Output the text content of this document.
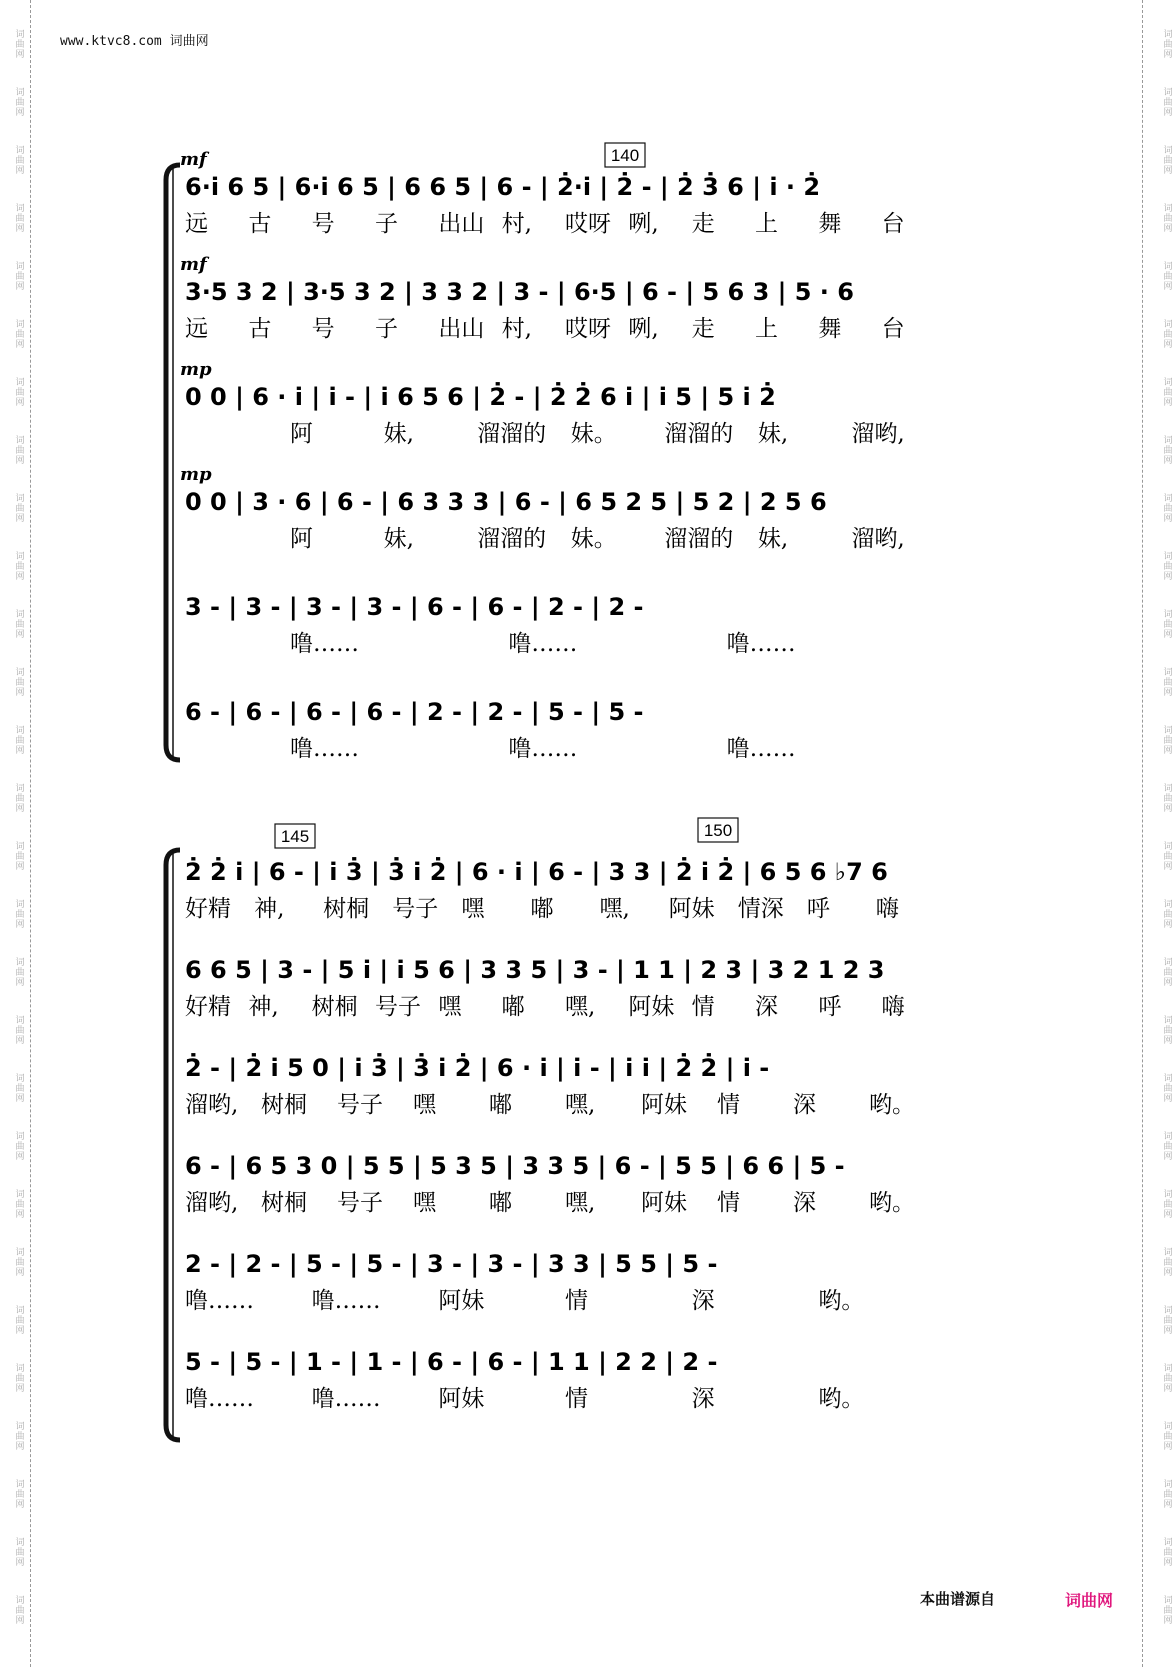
www.ktvc8.com 词曲网
140
145	150
mf
6·i̇ 6 5 | 6·i̇ 6 5 | 6 6 5 | 6 - | 2̇·i̇ | 2̇ - | 2̇ 3̇ 6 | i̇ · 2̇
远 古 号 子 出山 村, 哎呀 咧, 走 上 舞 台
mf
3·5 3 2 | 3·5 3 2 | 3 3 2 | 3 - | 6·5 | 6 - | 5 6 3 | 5 · 6
远 古 号 子 出山 村, 哎呀 咧, 走 上 舞 台
mp
0 0 | 6 · i̇ | i̇ - | i̇ 6 5 6 | 2̇ - | 2̇ 2̇ 6 i̇ | i̇ 5 | 5 i̇ 2̇
阿	妹,	溜溜的 妹。 溜溜的 妹,	溜哟,
mp
0 0 | 3 · 6 | 6 - | 6 3 3 3 | 6 - | 6 5 2 5 | 5 2 | 2 5 6
阿	妹,	溜溜的 妹。 溜溜的 妹,	溜哟,
3 - | 3 - | 3 - | 3 - | 6 - | 6 - | 2 - | 2 -
噜……	噜……	噜……
6 - | 6 - | 6 - | 6 - | 2 - | 2 - | 5 - | 5 -
噜……	噜……	噜……
2̇ 2̇ i̇ | 6 - | i̇ 3̇ | 3̇ i̇ 2̇ | 6 · i̇ | 6 - | 3 3 | 2̇ i̇ 2̇ | 6 5 6 ♭7 6
好精 神, 树桐 号子 嘿 嘟 嘿, 阿妹 情深 呼 嗨
6 6 5 | 3 - | 5 i̇ | i̇ 5 6 | 3 3 5 | 3 - | 1 1 | 2 3 | 3 2 1 2 3
好精 神, 树桐 号子 嘿 嘟 嘿, 阿妹 情 深 呼 嗨
2̇ - | 2̇ i̇ 5 0 | i̇ 3̇ | 3̇ i̇ 2̇ | 6 · i̇ | i̇ - | i̇ i̇ | 2̇ 2̇ | i̇ -
溜哟, 树桐 号子 嘿 嘟 嘿, 阿妹 情 深 哟。
6 - | 6 5 3 0 | 5 5 | 5 3 5 | 3 3 5 | 6 - | 5 5 | 6 6 | 5 -
溜哟, 树桐 号子 嘿 嘟 嘿, 阿妹 情 深 哟。
2 - | 2 - | 5 - | 5 - | 3 - | 3 - | 3 3 | 5 5 | 5 -
噜……	噜……	阿妹	情	深	哟。
5 - | 5 - | 1 - | 1 - | 6 - | 6 - | 1 1 | 2 2 | 2 -
噜……	噜……	阿妹	情	深	哟。
本曲谱源自	词曲网
词
曲
网
词
曲
网
词
曲
网
词
曲
网
词
曲
网
词
曲
网
词
曲
网
词
曲
网
词
曲
网
词
曲
网
词
曲
网
词
曲
网
词
曲
网
词
曲
网
词
曲
网
词
曲
网
词
曲
网
词
曲
网
词
曲
网
词
曲
网
词
曲
网
词
曲
网
词
曲
网
词
曲
网
词
曲
网
词
曲
网
词
曲
网
词
曲
网
词
曲
网
词
曲
网
词
曲
网
词
曲
网
词
曲
网
词
曲
网
词
曲
网
词
曲
网
词
曲
网
词
曲
网
词
曲
网
词
曲
网
词
曲
网
词
曲
网
词
曲
网
词
曲
网
词
曲
网
词
曲
网
词
曲
网
词
曲
网
词
曲
网
词
曲
网
词
曲
网
词
曲
网
词
曲
网
词
曲
网
词
曲
网
词
曲
网
